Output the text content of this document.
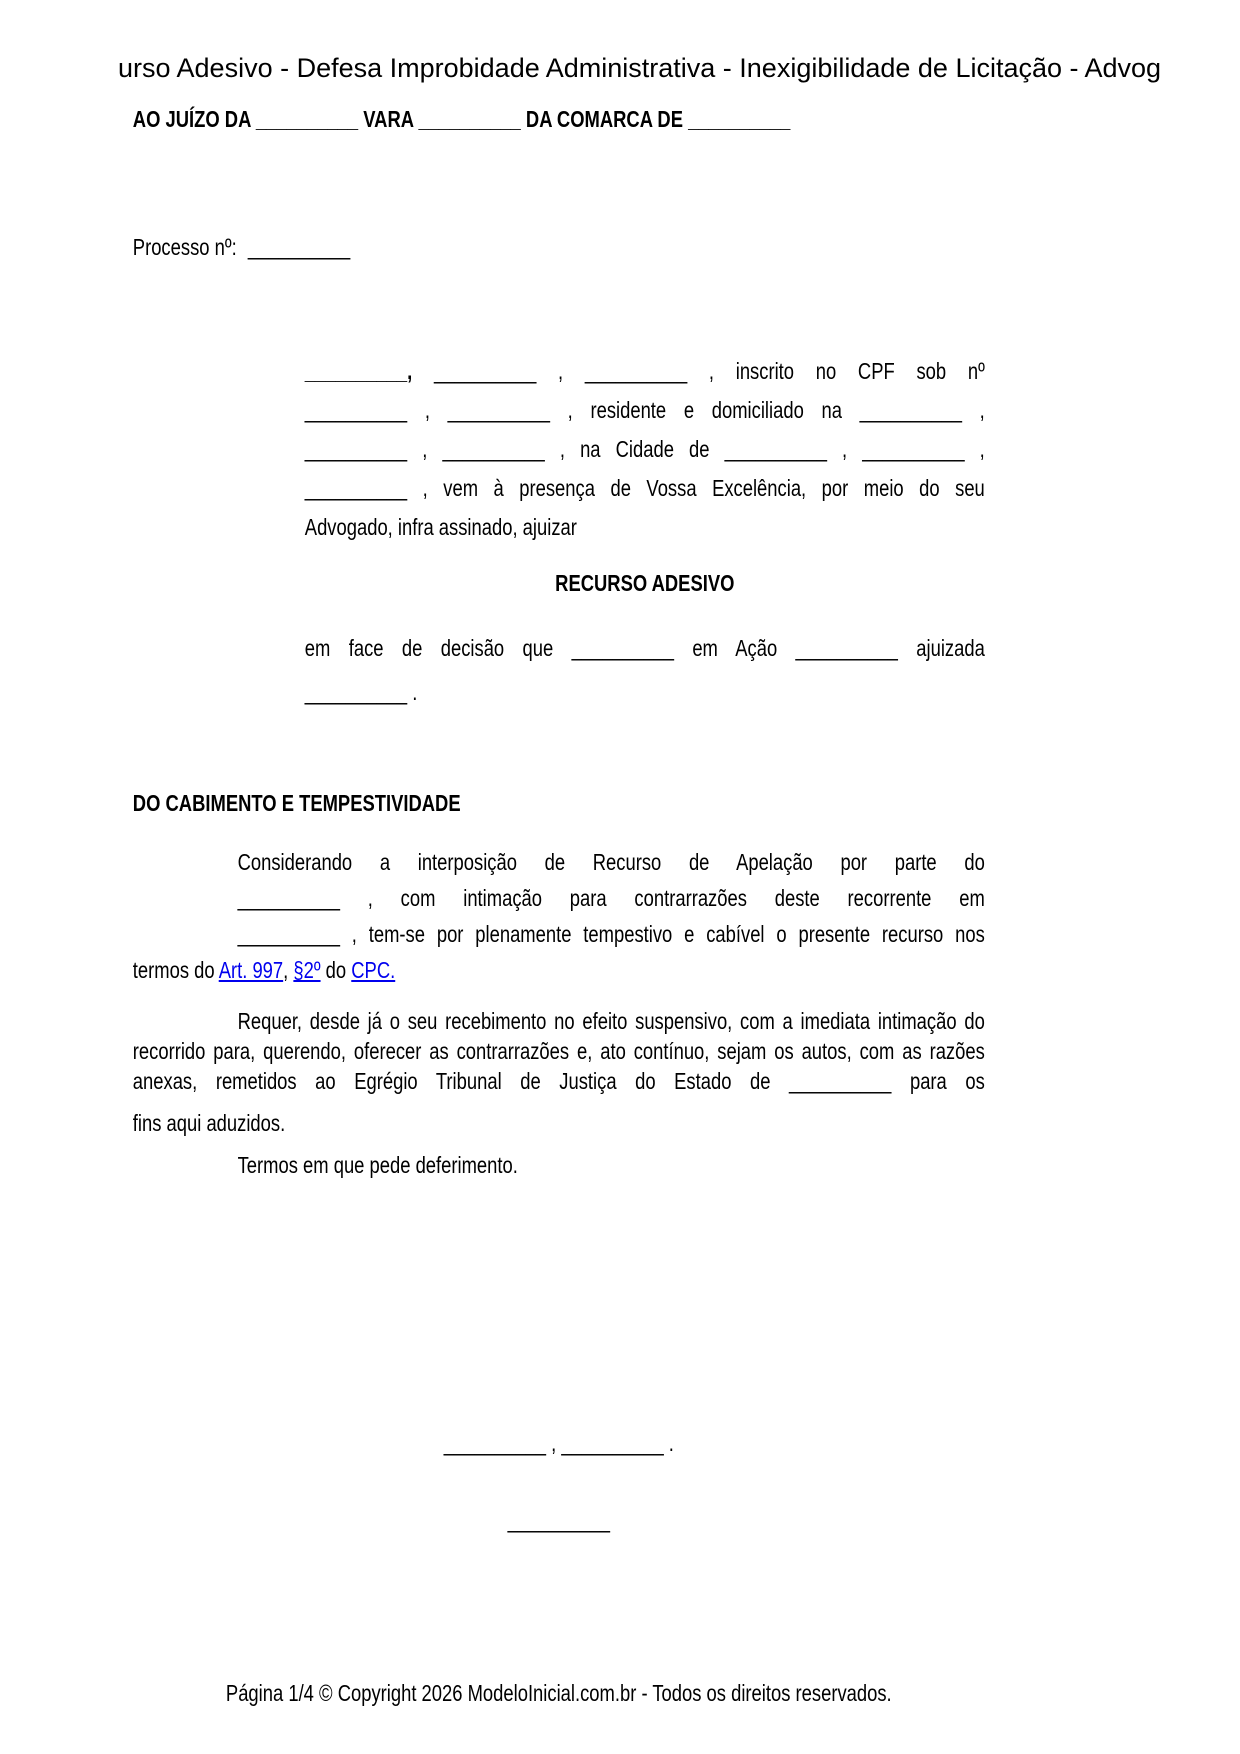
urso Adesivo - Defesa Improbidade Administrativa - Inexigibilidade de Licitação - Advog
AO JUÍZO DA __________ VARA __________ DA COMARCA DE __________
Processo nº: __________
__________, __________ , __________ , inscrito no CPF sob nº
__________ , __________ , residente e domiciliado na __________ ,
__________ , __________ , na Cidade de __________ , __________ ,
__________ , vem à presença de Vossa Excelência, por meio do seu
Advogado, infra assinado, ajuizar
RECURSO ADESIVO
em face de decisão que __________ em Ação __________ ajuizada
__________ .
DO CABIMENTO E TEMPESTIVIDADE
Considerando a interposição de Recurso de Apelação por parte do
__________ , com intimação para contrarrazões deste recorrente em
__________ , tem-se por plenamente tempestivo e cabível o presente recurso nos
termos do Art. 997, §2º do CPC.
Requer, desde já o seu recebimento no efeito suspensivo, com a imediata intimação do
recorrido para, querendo, oferecer as contrarrazões e, ato contínuo, sejam os autos, com as razões
anexas, remetidos ao Egrégio Tribunal de Justiça do Estado de __________ para os
fins aqui aduzidos.
Termos em que pede deferimento.
__________ , __________ .
__________
Página 1/4 © Copyright 2026 ModeloInicial.com.br - Todos os direitos reservados.
